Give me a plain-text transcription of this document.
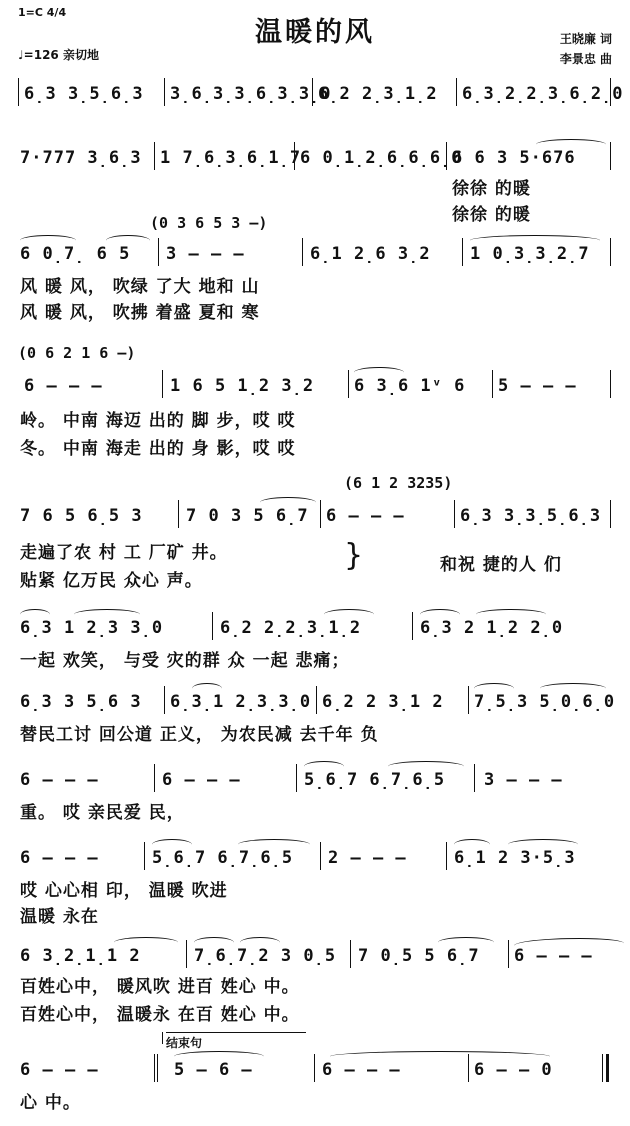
温暖的风
1=C 4/4
♩=126 亲切地
王晓廉 词
李景忠 曲
6̣3 3̣5̣6̣3 3̣6̣3̣3̣6̣3̣3̣0
6̣2 2̣3̣1̣2 6̣3̣2̣2̣3̣6̣2̣0
7·777 3̣6̣3 1 7̣6̣3̣6̣1̣7
6 0̣1̣2̣6̣6̣6̣0
6 6 3 5·676
徐徐 的暖
徐徐 的暖
(0 3 6 5 3 –)
6 0̣7̣ 6 5 3 – – –	6̣1 2̣6 3̣2 1 0̣3̣3̣2̣7
风 暖 风， 吹绿 了大 地和 山
风 暖 风， 吹拂 着盛 夏和 寒
(0 6 2 1 6 –)
6 – – –	1 6 5 1̣2 3̣2 6 3̣6 1ᵛ 6 5 – – –
岭。 中南 海迈 出的 脚 步，哎 哎
冬。 中南 海走 出的 身 影，哎 哎
(6 1 2 3235)
7 6 5 6̣5 3	7 0 3 5 6̣7 6 – – –	6̣3 3̣3̣5̣6̣3
走遍了农 村 工 厂矿 井。
贴紧 亿万民 众心 声。
}	和祝 捷的人 们
6̣3 1 2̣3 3̣0	6̣2 2̣2̣3̣1̣2	6̣3 2 1̣2 2̣0
一起 欢笑， 与受 灾的群 众 一起 悲痛；
6̣3 3 5̣6 3 6̣3̣1 2̣3̣3̣0 6̣2 2 3̣1 2 7̣5̣3 5̣0̣6̣0
替民工讨 回公道 正义， 为农民减 去千年 负
6 – – –	6 – – –	5̣6̣7 6̣7̣6̣5 3 – – –
重。 哎 亲民爱 民，
6 – – –	5̣6̣7 6̣7̣6̣5 2 – – –	6̣1 2 3·5̣3
哎 心心相 印， 温暖 吹进
温暖 永在
6 3̣2̣1̣1 2	7̣6̣7̣2 3 0̣5 7 0̣5 5 6̣7 6 – – –
百姓心中， 暖风吹 进百 姓心 中。
百姓心中， 温暖永 在百 姓心 中。
结束句
6 – – –	5 – 6 –	6 – – –	6 – – 0
心 中。
